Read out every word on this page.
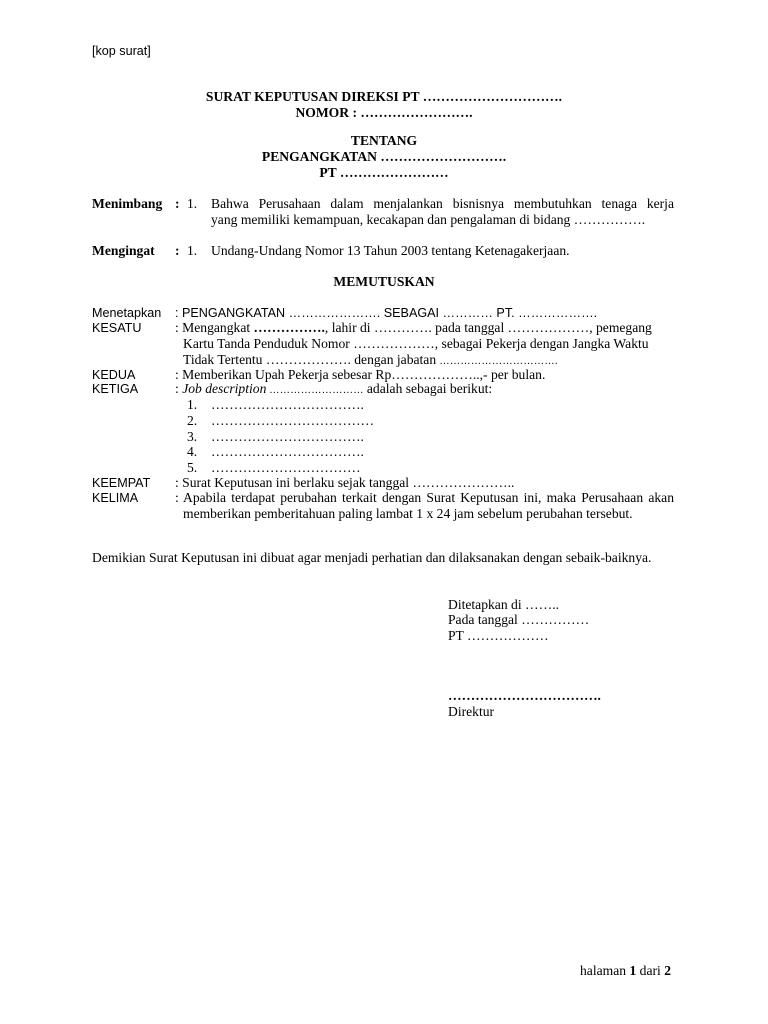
[kop surat]
SURAT KEPUTUSAN DIREKSI PT ………………………….
NOMOR : …………………….
TENTANG
PENGANGKATAN ……………………….
PT ……………………
Menimbang : 1. Bahwa Perusahaan dalam menjalankan bisnisnya membutuhkan tenaga kerja
yang memiliki kemampuan, kecakapan dan pengalaman di bidang …………….
Mengingat : 1. Undang-Undang Nomor 13 Tahun 2003 tentang Ketenagakerjaan.
MEMUTUSKAN
Menetapkan : PENGANGKATAN …………………. SEBAGAI ………… PT. ……………….
KESATU : Mengangkat ……………., lahir di …………. pada tanggal ………………, pemegang
Kartu Tanda Penduduk Nomor ………………, sebagai Pekerja dengan Jangka Waktu
Tidak Tertentu ………………. dengan jabatan …………………………….
KEDUA	: Memberikan Upah Pekerja sebesar Rp………………..,- per bulan.
KETIGA	: Job description ……………………… adalah sebagai berikut:
1. …………………………….
2. ………………………………
3. …………………………….
4. …………………………….
5. ……………………………
KEEMPAT : Surat Keputusan ini berlaku sejak tanggal …………………..
KELIMA	: Apabila terdapat perubahan terkait dengan Surat Keputusan ini, maka Perusahaan akan memberikan pemberitahuan paling lambat 1 x 24 jam sebelum perubahan tersebut.
Demikian Surat Keputusan ini dibuat agar menjadi perhatian dan dilaksanakan dengan sebaik-baiknya.
Ditetapkan di ……..
Pada tanggal ……………
PT ………………
…………………………….
Direktur
halaman 1 dari 2
